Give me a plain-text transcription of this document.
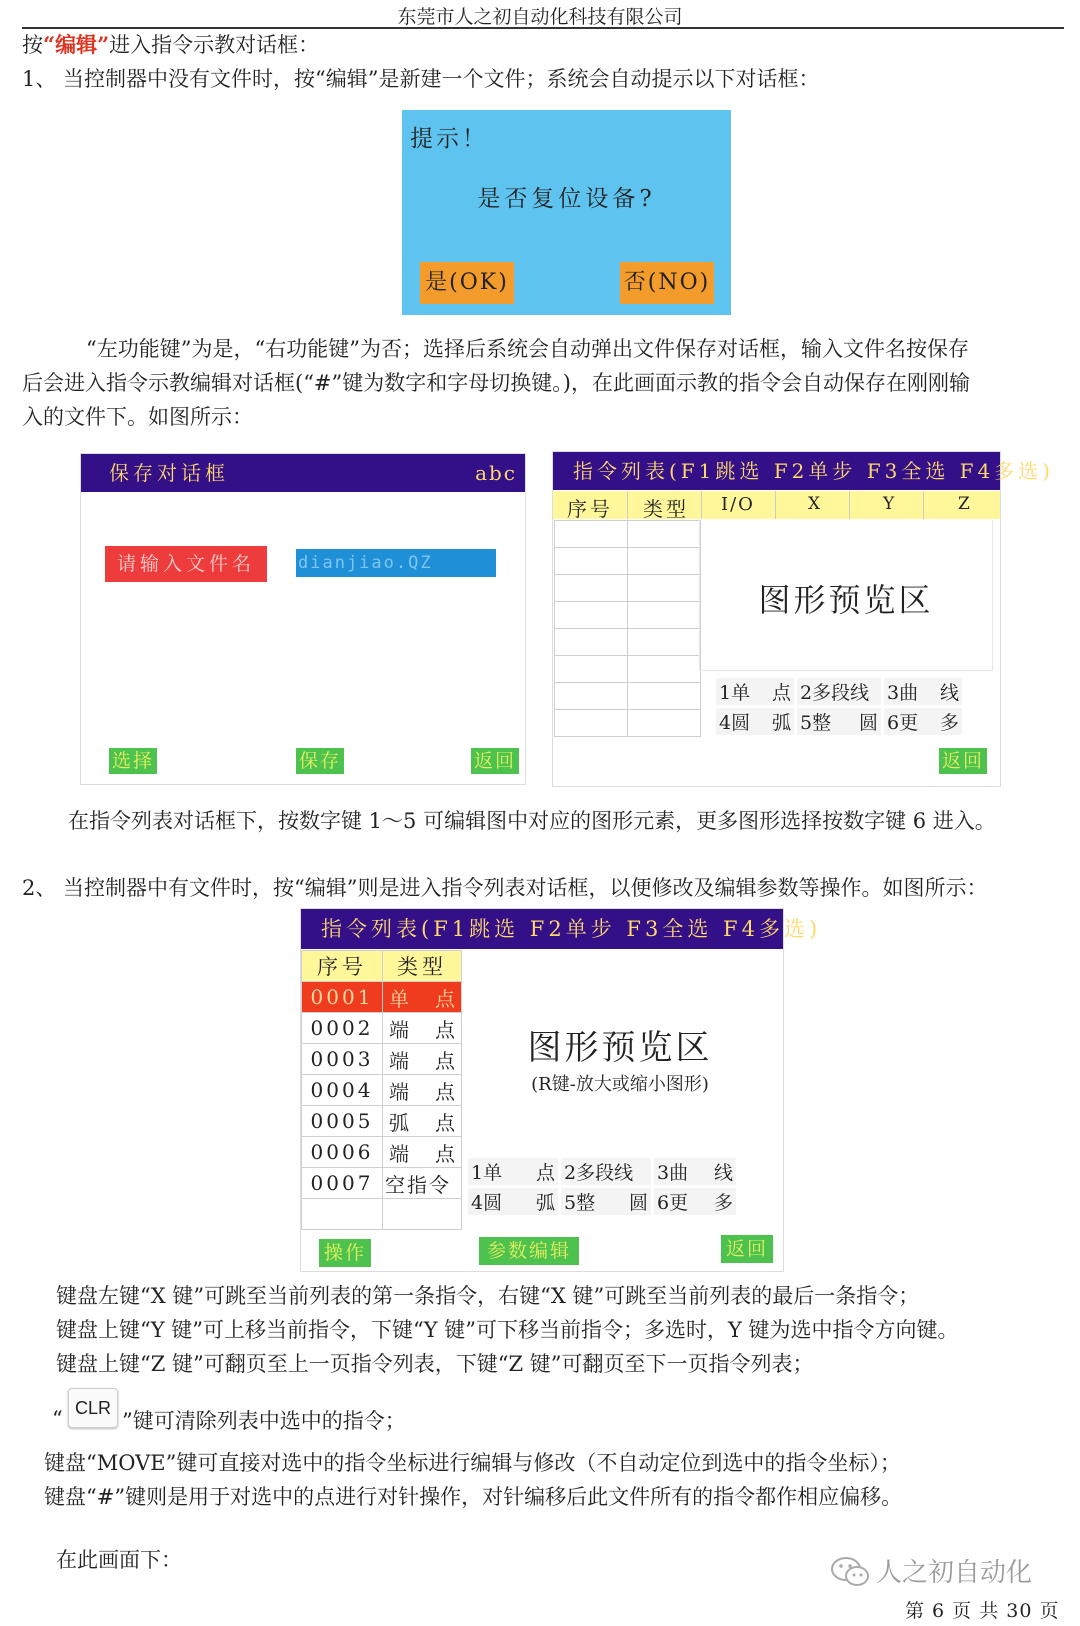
东莞市人之初自动化科技有限公司
按“编辑”进入指令示教对话框：
1、 当控制器中没有文件时，按“编辑”是新建一个文件；系统会自动提示以下对话框：
提示！
是否复位设备?
是(OK)	否(NO)
“左功能键”为是，“右功能键”为否；选择后系统会自动弹出文件保存对话框，输入文件名按保存
后会进入指令示教编辑对话框(“#”键为数字和字母切换键。)，在此画面示教的指令会自动保存在刚刚输
入的文件下。如图所示：
保存对话框	abc
请输入文件名	dianjiao.QZ
选择	保存	返回
指令列表(F1跳选 F2单步 F3全选 F4多选)
序号 类型 I/O	X	Y	Z

图形预览区
1单 点	2多段线	3曲 线

4圆 弧	5整 圆	6更 多
返回
在指令列表对话框下，按数字键 1～5 可编辑图中对应的图形元素，更多图形选择按数字键 6 进入。
2、 当控制器中有文件时，按“编辑”则是进入指令列表对话框，以便修改及编辑参数等操作。如图所示：
指令列表(F1跳选 F2单步 F3全选 F4多选)
序号	类型
0001	单 点

0002	端 点

0003	端 点

0004	端 点

0005	弧 点

0006	端 点

0007	空指令

图形预览区
(R键-放大或缩小图形)
1单 点	2多段线	3曲 线

4圆 弧	5整 圆	6更 多
操作	参数编辑	返回
键盘左键“X 键”可跳至当前列表的第一条指令，右键“X 键”可跳至当前列表的最后一条指令；
键盘上键“Y 键”可上移当前指令，下键“Y 键”可下移当前指令；多选时，Y 键为选中指令方向键。
键盘上键“Z 键”可翻页至上一页指令列表，下键“Z 键”可翻页至下一页指令列表；
“ CLR
”键可清除列表中选中的指令；
键盘“MOVE”键可直接对选中的指令坐标进行编辑与修改（不自动定位到选中的指令坐标）；
键盘“#”键则是用于对选中的点进行对针操作，对针编移后此文件所有的指令都作相应偏移。
在此画面下：	人之初自动化
第 6 页 共 30 页
